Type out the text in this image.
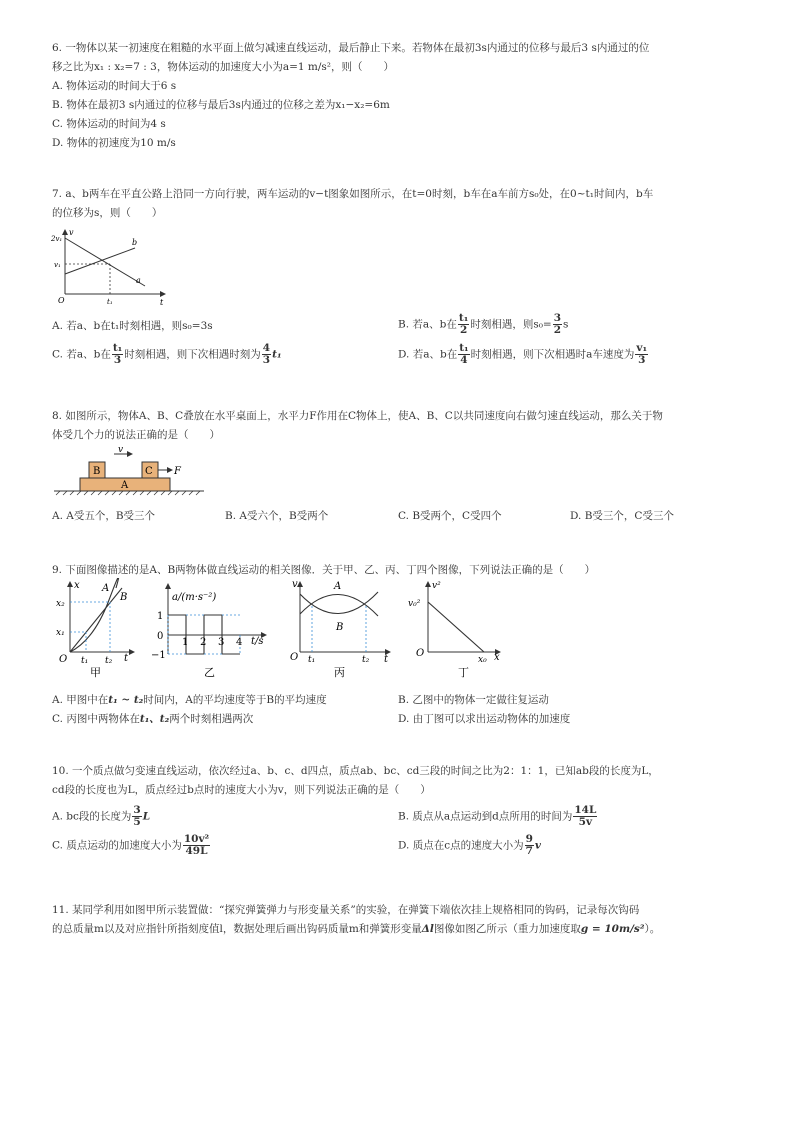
6. 一物体以某一初速度在粗糙的水平面上做匀减速直线运动，最后静止下来。若物体在最初3s内通过的位移与最后3 s内通过的位
移之比为x₁ : x₂=7 : 3，物体运动的加速度大小为a=1 m/s²，则（　　）
A. 物体运动的时间大于6 s
B. 物体在最初3 s内通过的位移与最后3s内通过的位移之差为x₁−x₂=6m
C. 物体运动的时间为4 s
D. 物体的初速度为10 m/s
7. a、b两车在平直公路上沿同一方向行驶，两车运动的v−t图象如图所示，在t=0时刻，b车在a车前方s₀处，在0~t₁时间内，b车
的位移为s，则（　　）
v
2v₁
v₁
O	t₁	t
a
b
A. 若a、b在t₁时刻相遇，则s₀=3s	B. 若a、b在 $\frac{\text{t₁}}{2}$ 时刻相遇，则$s_0= \frac{3}{2}$ s
C. 若a、b在 $\frac{\text{t₁}}{3}$ 时刻相遇，则下次相遇时刻为 $\frac{4}{3} t_1$	D. 若a、b在 $\frac{\text{t₁}}{4}$ 时刻相遇，则下次相遇时a车速度为 $\frac{\text{v₁}}{3}$
8. 如图所示，物体A、B、C叠放在水平桌面上，水平力F作用在C物体上，使A、B、C以共同速度向右做匀速直线运动，那么关于物
体受几个力的说法正确的是（　　）
v
B	C F
A
A. A受五个，B受三个	B. A受六个，B受两个	C. B受两个，C受四个	D. B受三个，C受三个
9. 下面图像描述的是A、B两物体做直线运动的相关图像．关于甲、乙、丙、丁四个图像，下列说法正确的是（　　）
x A
B
x₂
x₁
O t₁ t₂ t
甲
a/(m·s⁻²)
1
0
−1
1 2 3 4 t/s
乙
v	A
B
O t₁	t₂ t
丙
v²
v₀²
O
x₀ x
丁
A. 甲图中在t₁ ~ t₂时间内，A的平均速度等于B的平均速度	B. 乙图中的物体一定做往复运动
C. 丙图中两物体在t₁、t₂两个时刻相遇两次	D. 由丁图可以求出运动物体的加速度
10. 一个质点做匀变速直线运动，依次经过a、b、c、d四点，质点ab、bc、cd三段的时间之比为2：1：1，已知ab段的长度为L，
cd段的长度也为L，质点经过b点时的速度大小为v，则下列说法正确的是（　　）
A. bc段的长度为 $\frac{3}{5}$ L	B. 质点从a点运动到d点所用的时间为 $\frac{14L}{5v}$
C. 质点运动的加速度大小为 $\frac{\text{10v²}}{49L}$	D. 质点在c点的速度大小为 $\frac{9}{7}$ v
11. 某同学利用如图甲所示装置做：“探究弹簧弹力与形变量关系”的实验，在弹簧下端依次挂上规格相同的钩码，记录每次钩码
的总质量m以及对应指针所指刻度值l，数据处理后画出钩码质量m和弹簧形变量Δl图像如图乙所示（重力加速度取g = 10m/s²）。
